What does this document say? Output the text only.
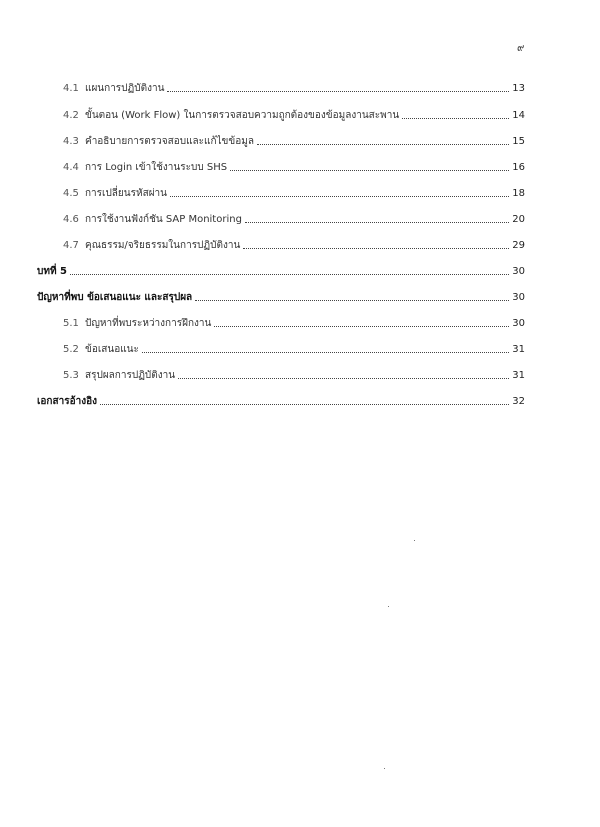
๙
4.1 แผนการปฏิบัติงาน	13
4.2 ขั้นตอน (Work Flow) ในการตรวจสอบความถูกต้องของข้อมูลงานสะพาน	14
4.3 คำอธิบายการตรวจสอบและแก้ไขข้อมูล	15
4.4 การ Login เข้าใช้งานระบบ SHS	16
4.5 การเปลี่ยนรหัสผ่าน	18
4.6 การใช้งานฟังก์ชัน SAP Monitoring	20
4.7 คุณธรรม/จริยธรรมในการปฏิบัติงาน	29
บทที่ 5	30
ปัญหาที่พบ ข้อเสนอแนะ และสรุปผล	30
5.1 ปัญหาที่พบระหว่างการฝึกงาน	30
5.2 ข้อเสนอแนะ	31
5.3 สรุปผลการปฏิบัติงาน	31
เอกสารอ้างอิง	32
